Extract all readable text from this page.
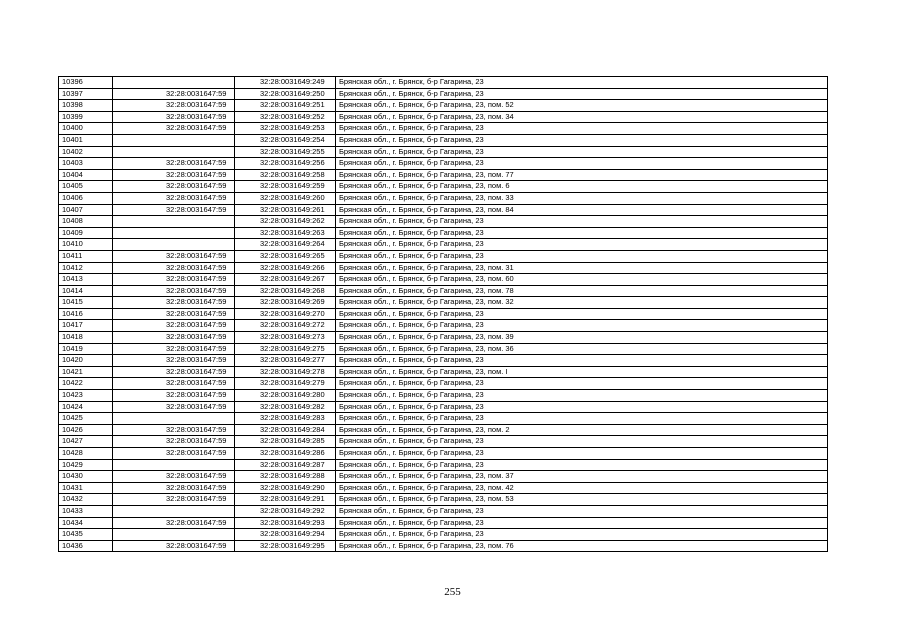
10396		32:28:0031649:249	Брянская обл., г. Брянск, б-р Гагарина, 23
10397	32:28:0031647:59	32:28:0031649:250	Брянская обл., г. Брянск, б-р Гагарина, 23
10398	32:28:0031647:59	32:28:0031649:251	Брянская обл., г. Брянск, б-р Гагарина, 23, пом. 52
10399	32:28:0031647:59	32:28:0031649:252	Брянская обл., г. Брянск, б-р Гагарина, 23, пом. 34
10400	32:28:0031647:59	32:28:0031649:253	Брянская обл., г. Брянск, б-р Гагарина, 23
10401		32:28:0031649:254	Брянская обл., г. Брянск, б-р Гагарина, 23
10402		32:28:0031649:255	Брянская обл., г. Брянск, б-р Гагарина, 23
10403	32:28:0031647:59	32:28:0031649:256	Брянская обл., г. Брянск, б-р Гагарина, 23
10404	32:28:0031647:59	32:28:0031649:258	Брянская обл., г. Брянск, б-р Гагарина, 23, пом. 77
10405	32:28:0031647:59	32:28:0031649:259	Брянская обл., г. Брянск, б-р Гагарина, 23, пом. 6
10406	32:28:0031647:59	32:28:0031649:260	Брянская обл., г. Брянск, б-р Гагарина, 23, пом. 33
10407	32:28:0031647:59	32:28:0031649:261	Брянская обл., г. Брянск, б-р Гагарина, 23, пом. 84
10408		32:28:0031649:262	Брянская обл., г. Брянск, б-р Гагарина, 23
10409		32:28:0031649:263	Брянская обл., г. Брянск, б-р Гагарина, 23
10410		32:28:0031649:264	Брянская обл., г. Брянск, б-р Гагарина, 23
10411	32:28:0031647:59	32:28:0031649:265	Брянская обл., г. Брянск, б-р Гагарина, 23
10412	32:28:0031647:59	32:28:0031649:266	Брянская обл., г. Брянск, б-р Гагарина, 23, пом. 31
10413	32:28:0031647:59	32:28:0031649:267	Брянская обл., г. Брянск, б-р Гагарина, 23, пом. 60
10414	32:28:0031647:59	32:28:0031649:268	Брянская обл., г. Брянск, б-р Гагарина, 23, пом. 78
10415	32:28:0031647:59	32:28:0031649:269	Брянская обл., г. Брянск, б-р Гагарина, 23, пом. 32
10416	32:28:0031647:59	32:28:0031649:270	Брянская обл., г. Брянск, б-р Гагарина, 23
10417	32:28:0031647:59	32:28:0031649:272	Брянская обл., г. Брянск, б-р Гагарина, 23
10418	32:28:0031647:59	32:28:0031649:273	Брянская обл., г. Брянск, б-р Гагарина, 23, пом. 39
10419	32:28:0031647:59	32:28:0031649:275	Брянская обл., г. Брянск, б-р Гагарина, 23, пом. 36
10420	32:28:0031647:59	32:28:0031649:277	Брянская обл., г. Брянск, б-р Гагарина, 23
10421	32:28:0031647:59	32:28:0031649:278	Брянская обл., г. Брянск, б-р Гагарина, 23, пом. I
10422	32:28:0031647:59	32:28:0031649:279	Брянская обл., г. Брянск, б-р Гагарина, 23
10423	32:28:0031647:59	32:28:0031649:280	Брянская обл., г. Брянск, б-р Гагарина, 23
10424	32:28:0031647:59	32:28:0031649:282	Брянская обл., г. Брянск, б-р Гагарина, 23
10425		32:28:0031649:283	Брянская обл., г. Брянск, б-р Гагарина, 23
10426	32:28:0031647:59	32:28:0031649:284	Брянская обл., г. Брянск, б-р Гагарина, 23, пом. 2
10427	32:28:0031647:59	32:28:0031649:285	Брянская обл., г. Брянск, б-р Гагарина, 23
10428	32:28:0031647:59	32:28:0031649:286	Брянская обл., г. Брянск, б-р Гагарина, 23
10429		32:28:0031649:287	Брянская обл., г. Брянск, б-р Гагарина, 23
10430	32:28:0031647:59	32:28:0031649:288	Брянская обл., г. Брянск, б-р Гагарина, 23, пом. 37
10431	32:28:0031647:59	32:28:0031649:290	Брянская обл., г. Брянск, б-р Гагарина, 23, пом. 42
10432	32:28:0031647:59	32:28:0031649:291	Брянская обл., г. Брянск, б-р Гагарина, 23, пом. 53
10433		32:28:0031649:292	Брянская обл., г. Брянск, б-р Гагарина, 23
10434	32:28:0031647:59	32:28:0031649:293	Брянская обл., г. Брянск, б-р Гагарина, 23
10435		32:28:0031649:294	Брянская обл., г. Брянск, б-р Гагарина, 23
10436	32:28:0031647:59	32:28:0031649:295	Брянская обл., г. Брянск, б-р Гагарина, 23, пом. 76
255
